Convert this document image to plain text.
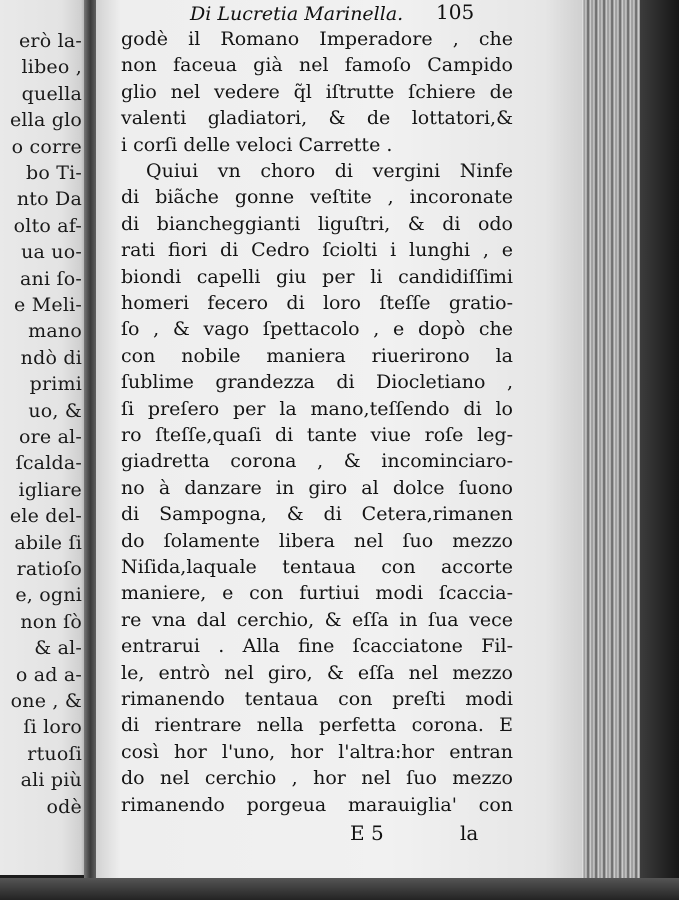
erò la-
libeo ,
quella
ella glo
o corre
bo Ti-
nto Da
olto af-
ua uo-
ani ſo-
e Meli-
mano
ndò di
primi
uo, &
ore al-
ſcalda-
igliare
ele del-
abile ſi
ratioſo
e, ogni
non ſò
& al-
o ad a-
one , &
ſi loro
rtuoſi
ali più
odè
Di Lucretia Marinella.	105
godè il Romano Imperadore , che
non faceua già nel famoſo Campido
glio nel vedere q̃l iſtrutte ſchiere de
valenti gladiatori, & de lottatori,&
i corſi delle veloci Carrette .
Quiui vn choro di vergini Ninfe
di biãche gonne veſtite , incoronate
di biancheggianti liguſtri, & di odo
rati fiori di Cedro ſciolti i lunghi , e
biondi capelli giu per li candidiſſimi
homeri fecero di loro ſteſſe gratio-
ſo , & vago ſpettacolo , e dopò che
con nobile maniera riuerirono la
ſublime grandezza di Diocletiano ,
ſi preſero per la mano,teſſendo di lo
ro ſteſſe,quaſi di tante viue roſe leg-
giadretta corona , & incominciaro-
no à danzare in giro al dolce ſuono
di Sampogna, & di Cetera,rimanen
do ſolamente libera nel ſuo mezzo
Niſida,laquale tentaua con accorte
maniere, e con furtiui modi ſcaccia-
re vna dal cerchio, & eſſa in ſua vece
entrarui . Alla fine ſcacciatone Fil-
le, entrò nel giro, & eſſa nel mezzo
rimanendo tentaua con preſti modi
di rientrare nella perfetta corona. E
così hor l'uno, hor l'altra:hor entran
do nel cerchio , hor nel ſuo mezzo
rimanendo porgeua marauiglia' con
E 5	la
